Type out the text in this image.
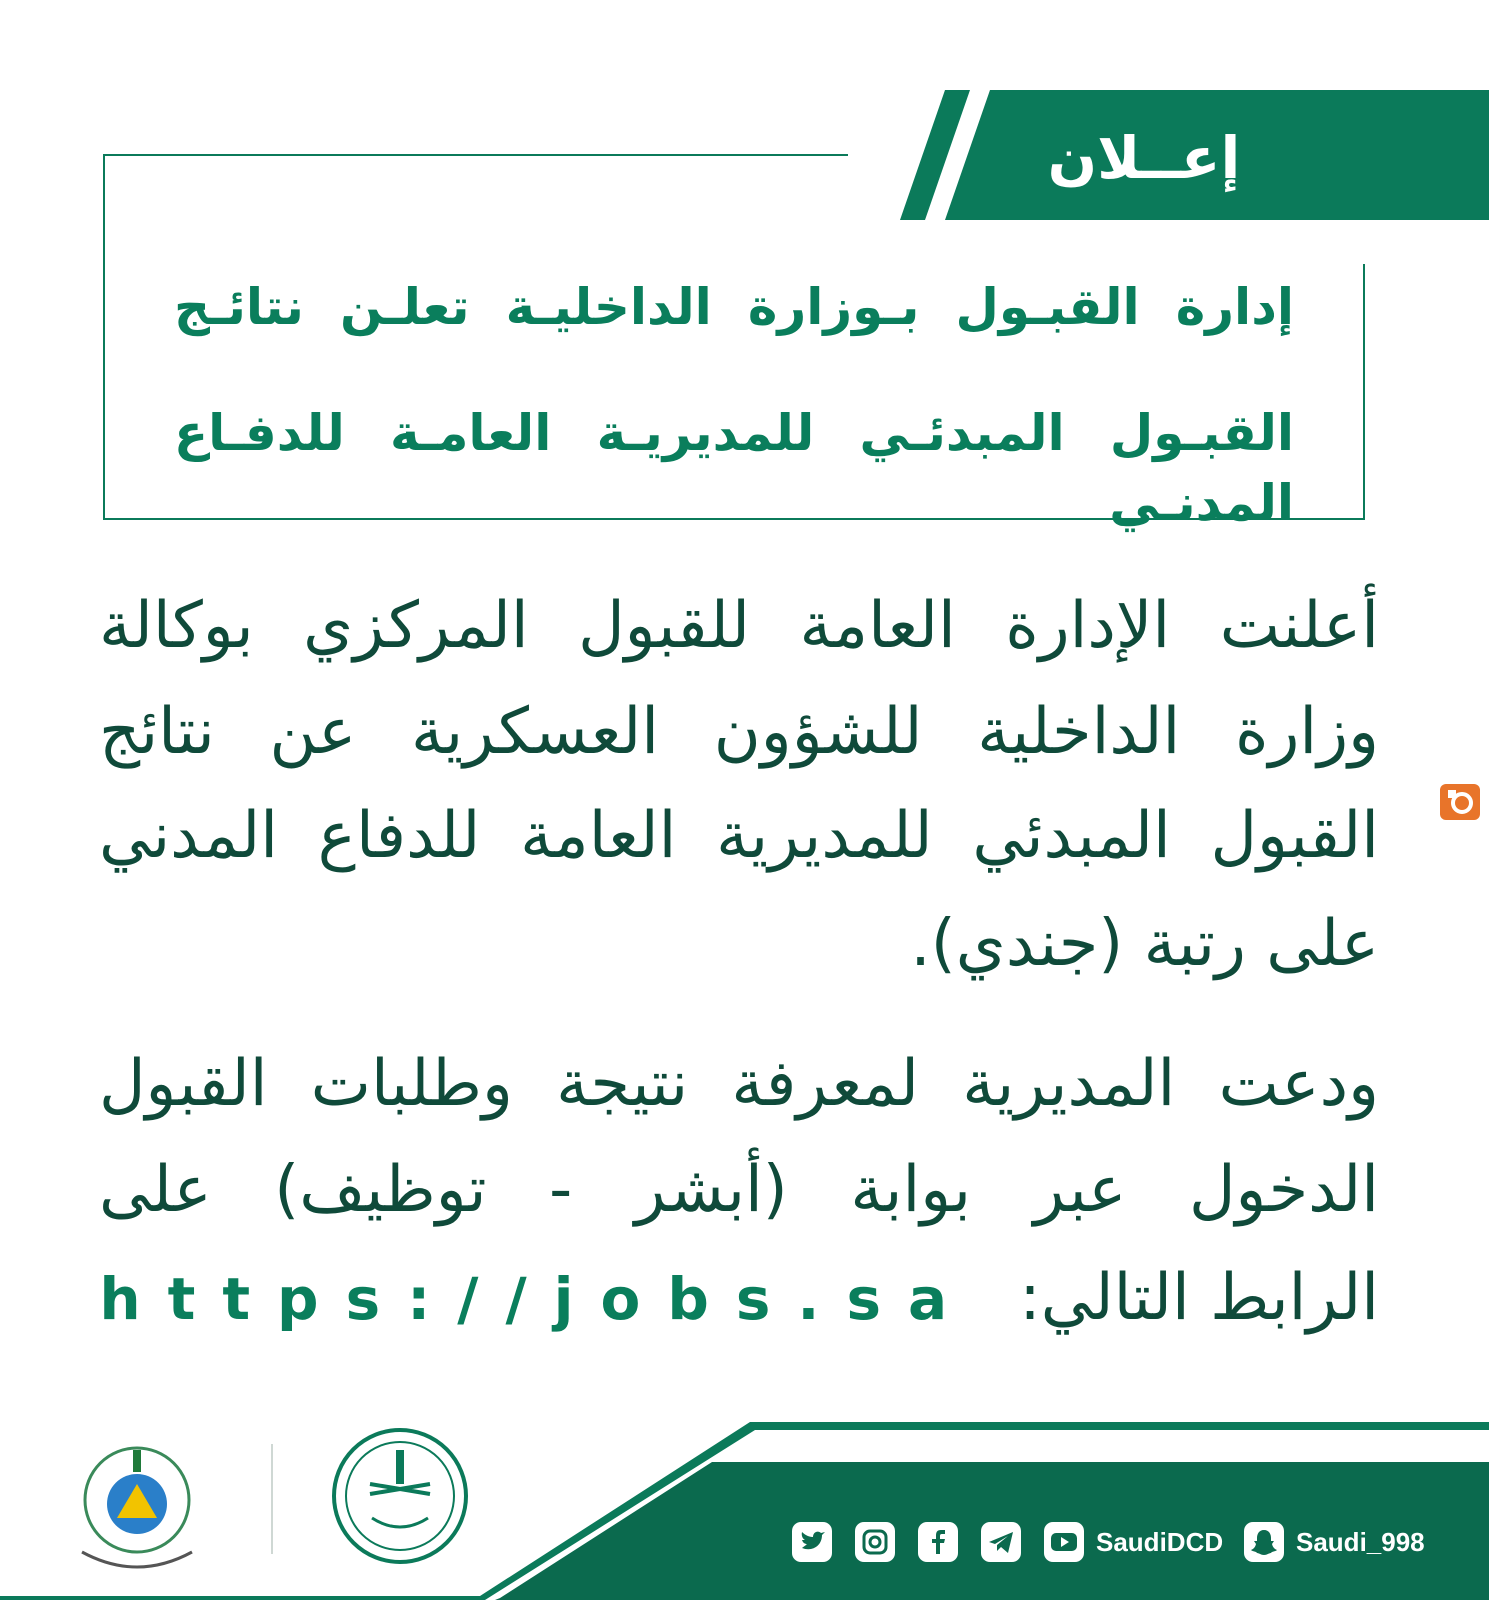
إعــلان
إدارة القبـول بـوزارة الداخليـة تعلـن نتائـج
القبـول المبدئـي للمديريـة العامـة للدفـاع المدنـي
أعلنت الإدارة العامة للقبول المركزي بوكالة
وزارة الداخلية للشؤون العسكرية عن نتائج
القبول المبدئي للمديرية العامة للدفاع المدني
على رتبة (جندي).
ودعت المديرية لمعرفة نتيجة وطلبات القبول
الدخول عبر بوابة (أبشر - توظيف) على
الرابط التالي: https://jobs.sa
SaudiDCD	Saudi_998
